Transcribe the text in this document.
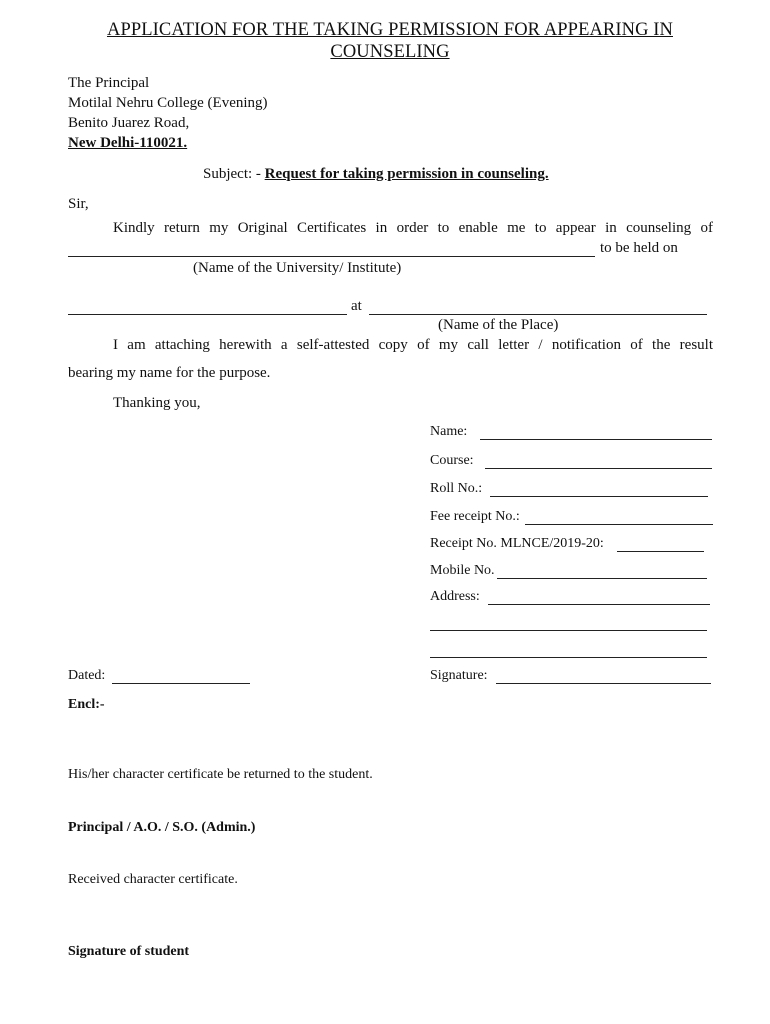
APPLICATION FOR THE TAKING PERMISSION FOR APPEARING IN COUNSELING
The Principal
Motilal Nehru College (Evening)
Benito Juarez Road,
New Delhi-110021.
Subject: - Request for taking permission in counseling.
Sir,
Kindly return my Original Certificates in order to enable me to appear in counseling of
to be held on
(Name of the University/ Institute)
at
(Name of the Place)
I am attaching herewith a self-attested copy of my call letter / notification of the result
bearing my name for the purpose.
Thanking you,
Name:
Course:
Roll No.:
Fee receipt No.:
Receipt No. MLNCE/2019-20:
Mobile No.
Address:
Dated:	Signature:
Encl:-
His/her character certificate be returned to the student.
Principal / A.O. / S.O. (Admin.)
Received character certificate.
Signature of student
